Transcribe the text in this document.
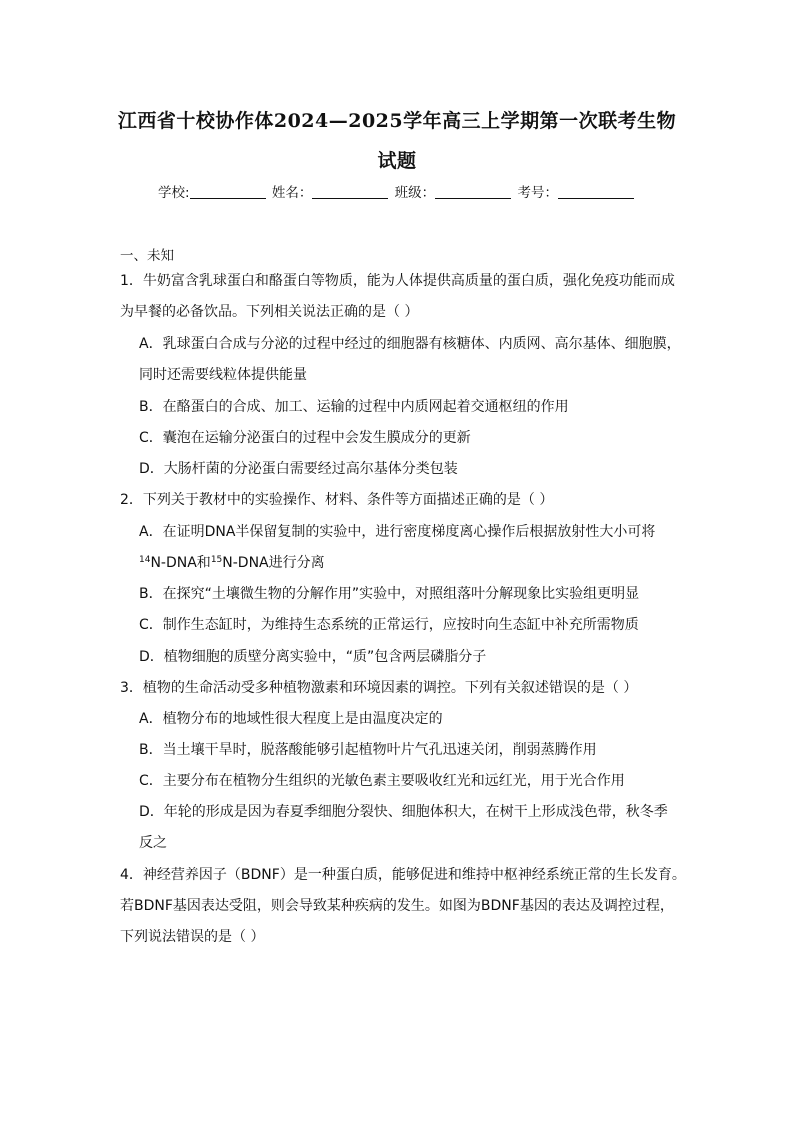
江西省十校协作体2024—2025学年高三上学期第一次联考生物
试题
学校:	姓名：	班级：	考号：
一、未知
1．牛奶富含乳球蛋白和酪蛋白等物质，能为人体提供高质量的蛋白质，强化免疫功能而成
为早餐的必备饮品。下列相关说法正确的是（ ）
A．乳球蛋白合成与分泌的过程中经过的细胞器有核糖体、内质网、高尔基体、细胞膜，
同时还需要线粒体提供能量
B．在酪蛋白的合成、加工、运输的过程中内质网起着交通枢纽的作用
C．囊泡在运输分泌蛋白的过程中会发生膜成分的更新
D．大肠杆菌的分泌蛋白需要经过高尔基体分类包装
2．下列关于教材中的实验操作、材料、条件等方面描述正确的是（ ）
A．在证明DNA半保留复制的实验中，进行密度梯度离心操作后根据放射性大小可将
$^{14}$N-DNA和$^{15}$N-DNA进行分离
B．在探究“土壤微生物的分解作用”实验中，对照组落叶分解现象比实验组更明显
C．制作生态缸时，为维持生态系统的正常运行，应按时向生态缸中补充所需物质
D．植物细胞的质壁分离实验中，“质”包含两层磷脂分子
3．植物的生命活动受多种植物激素和环境因素的调控。下列有关叙述错误的是（ ）
A．植物分布的地域性很大程度上是由温度决定的
B．当土壤干旱时，脱落酸能够引起植物叶片气孔迅速关闭，削弱蒸腾作用
C．主要分布在植物分生组织的光敏色素主要吸收红光和远红光，用于光合作用
D．年轮的形成是因为春夏季细胞分裂快、细胞体积大，在树干上形成浅色带，秋冬季
反之
4．神经营养因子（BDNF）是一种蛋白质，能够促进和维持中枢神经系统正常的生长发育。
若BDNF基因表达受阻，则会导致某种疾病的发生。如图为BDNF基因的表达及调控过程，
下列说法错误的是（ ）
